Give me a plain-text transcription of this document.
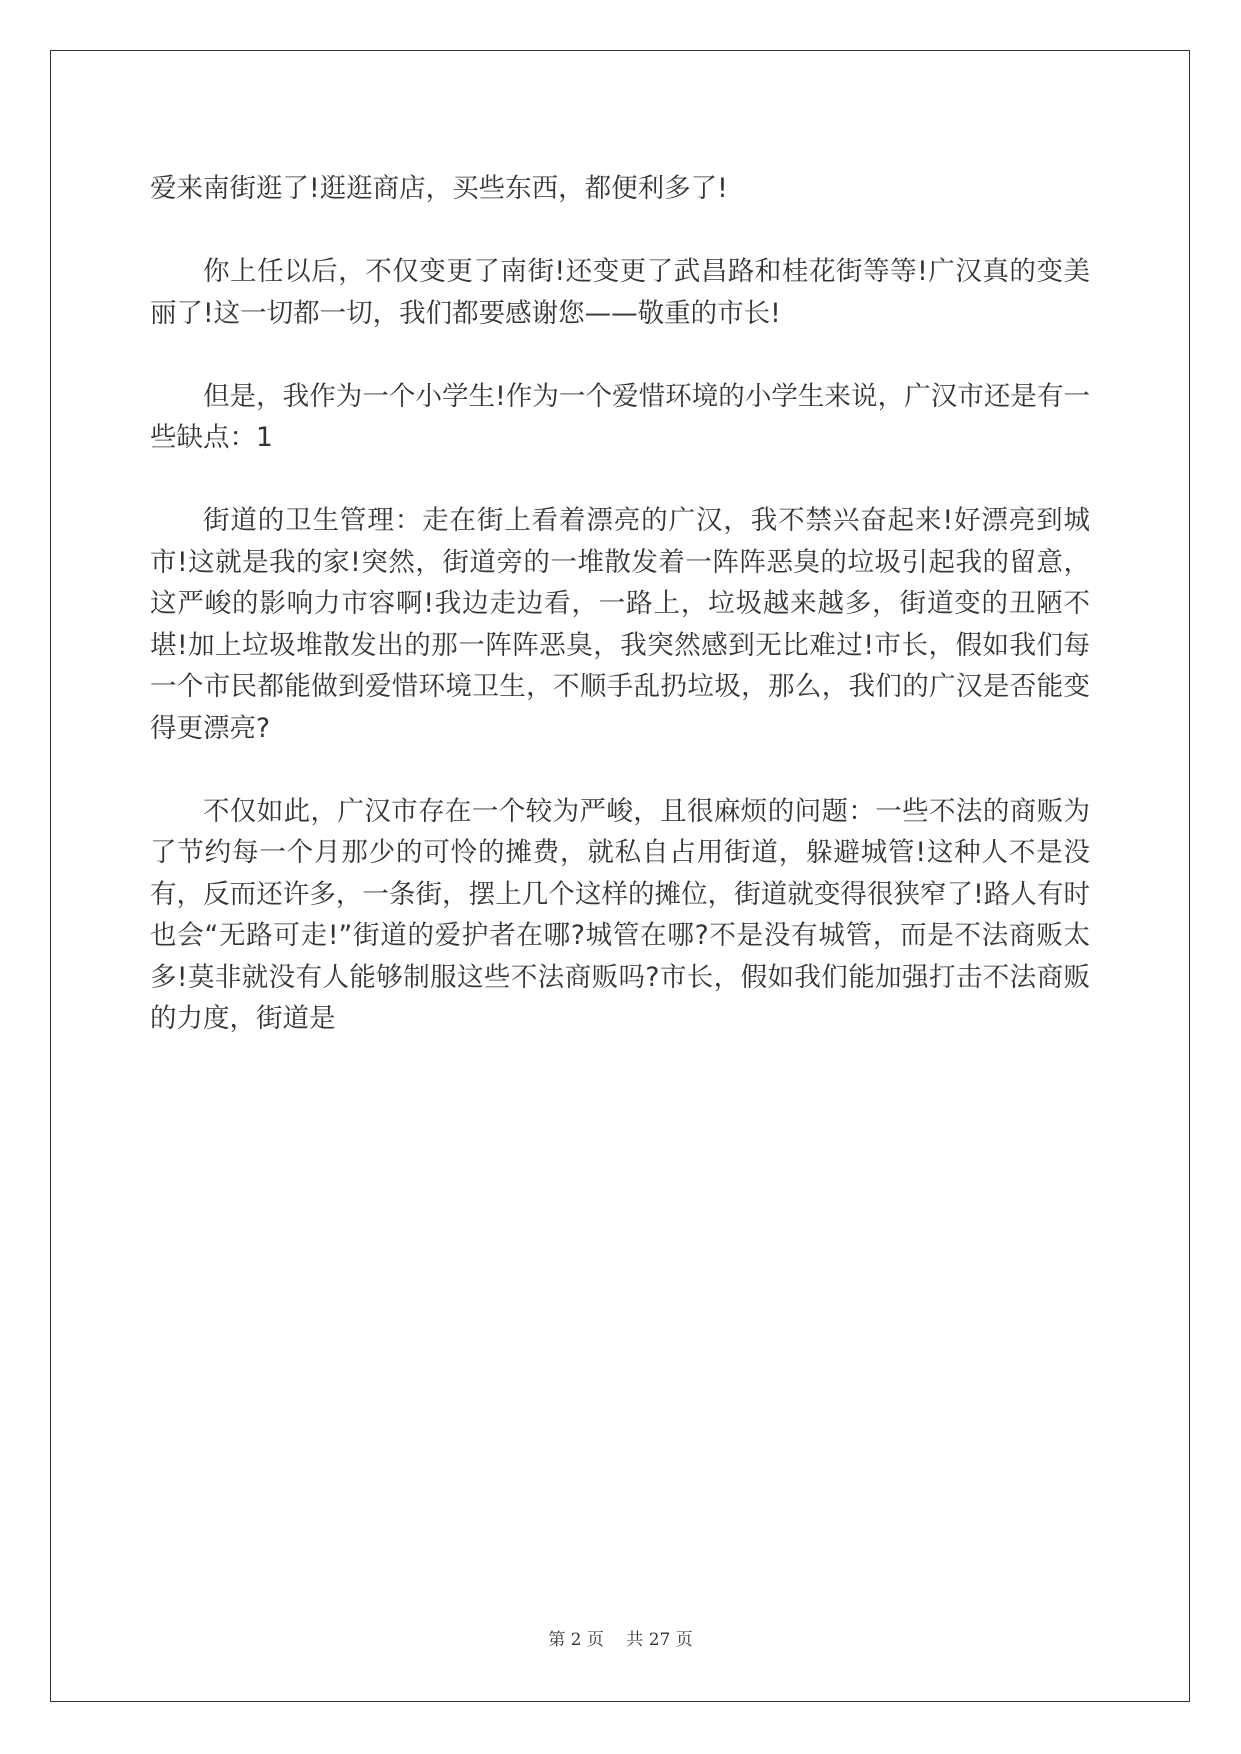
爱来南街逛了!逛逛商店，买些东西，都便利多了!

你上任以后，不仅变更了南街!还变更了武昌路和桂花街等等!广汉真的变美丽了!这一切都一切，我们都要感谢您——敬重的市长!

但是，我作为一个小学生!作为一个爱惜环境的小学生来说，广汉市还是有一些缺点：1

街道的卫生管理：走在街上看着漂亮的广汉，我不禁兴奋起来!好漂亮到城市!这就是我的家!突然，街道旁的一堆散发着一阵阵恶臭的垃圾引起我的留意，这严峻的影响力市容啊!我边走边看，一路上，垃圾越来越多，街道变的丑陋不堪!加上垃圾堆散发出的那一阵阵恶臭，我突然感到无比难过!市长，假如我们每一个市民都能做到爱惜环境卫生，不顺手乱扔垃圾，那么，我们的广汉是否能变得更漂亮?

不仅如此，广汉市存在一个较为严峻，且很麻烦的问题：一些不法的商贩为了节约每一个月那少的可怜的摊费，就私自占用街道，躲避城管!这种人不是没有，反而还许多，一条街，摆上几个这样的摊位，街道就变得很狭窄了!路人有时也会“无路可走!”街道的爱护者在哪?城管在哪?不是没有城管，而是不法商贩太多!莫非就没有人能够制服这些不法商贩吗?市长，假如我们能加强打击不法商贩的力度，街道是

第 2 页　 共 27 页
